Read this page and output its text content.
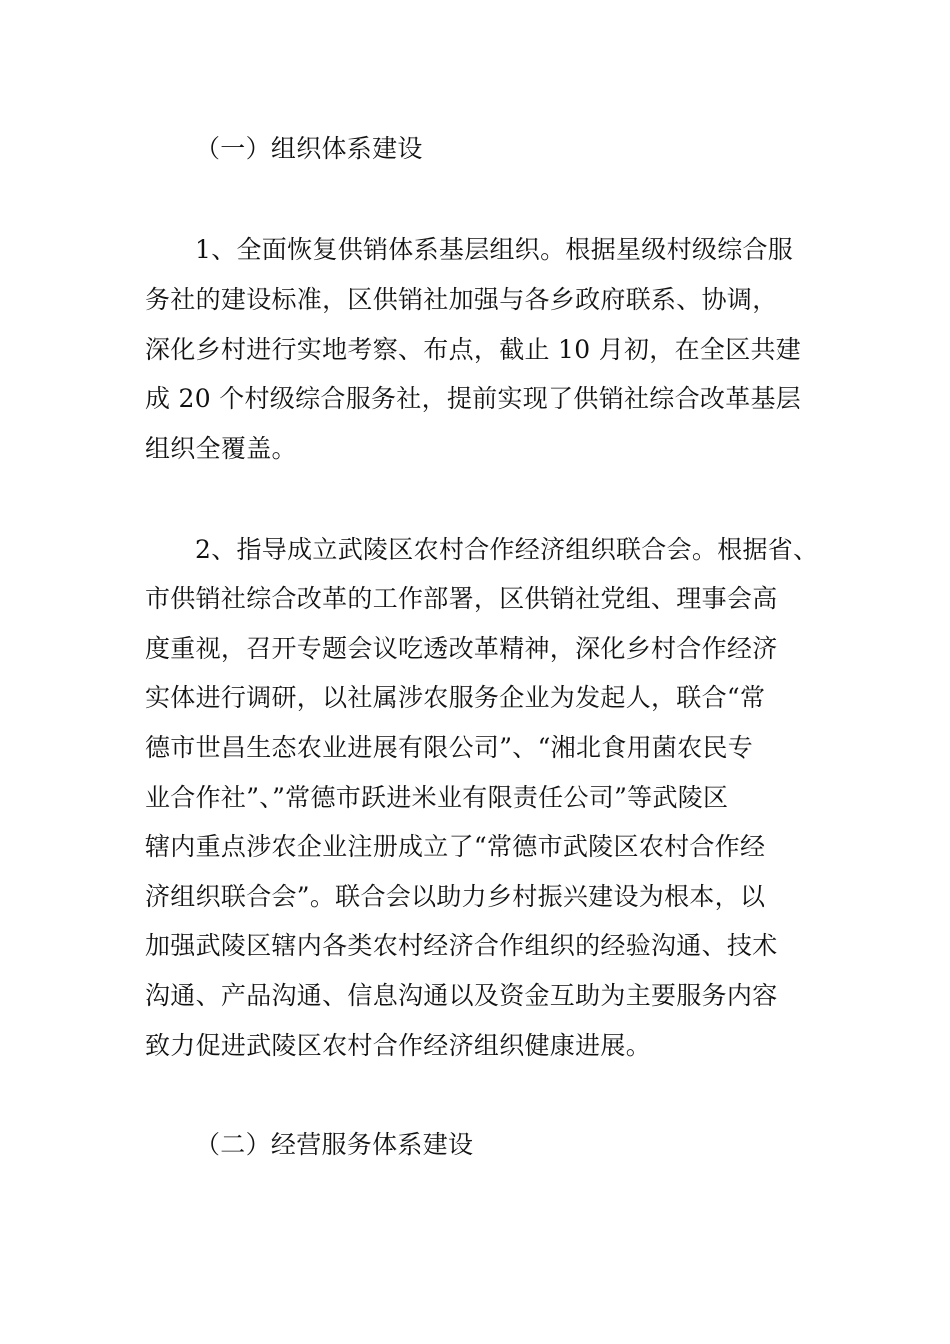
（一）组织体系建设
1、全面恢复供销体系基层组织。根据星级村级综合服
务社的建设标准，区供销社加强与各乡政府联系、协调，
深化乡村进行实地考察、布点，截止 10 月初，在全区共建
成 20 个村级综合服务社，提前实现了供销社综合改革基层
组织全覆盖。
2、指导成立武陵区农村合作经济组织联合会。根据省、
市供销社综合改革的工作部署，区供销社党组、理事会高
度重视，召开专题会议吃透改革精神，深化乡村合作经济
实体进行调研，以社属涉农服务企业为发起人，联合“常
德市世昌生态农业进展有限公司”、“湘北食用菌农民专
业合作社”、”常德市跃进米业有限责任公司”等武陵区
辖内重点涉农企业注册成立了“常德市武陵区农村合作经
济组织联合会”。联合会以助力乡村振兴建设为根本，以
加强武陵区辖内各类农村经济合作组织的经验沟通、技术
沟通、产品沟通、信息沟通以及资金互助为主要服务内容
致力促进武陵区农村合作经济组织健康进展。
（二）经营服务体系建设
